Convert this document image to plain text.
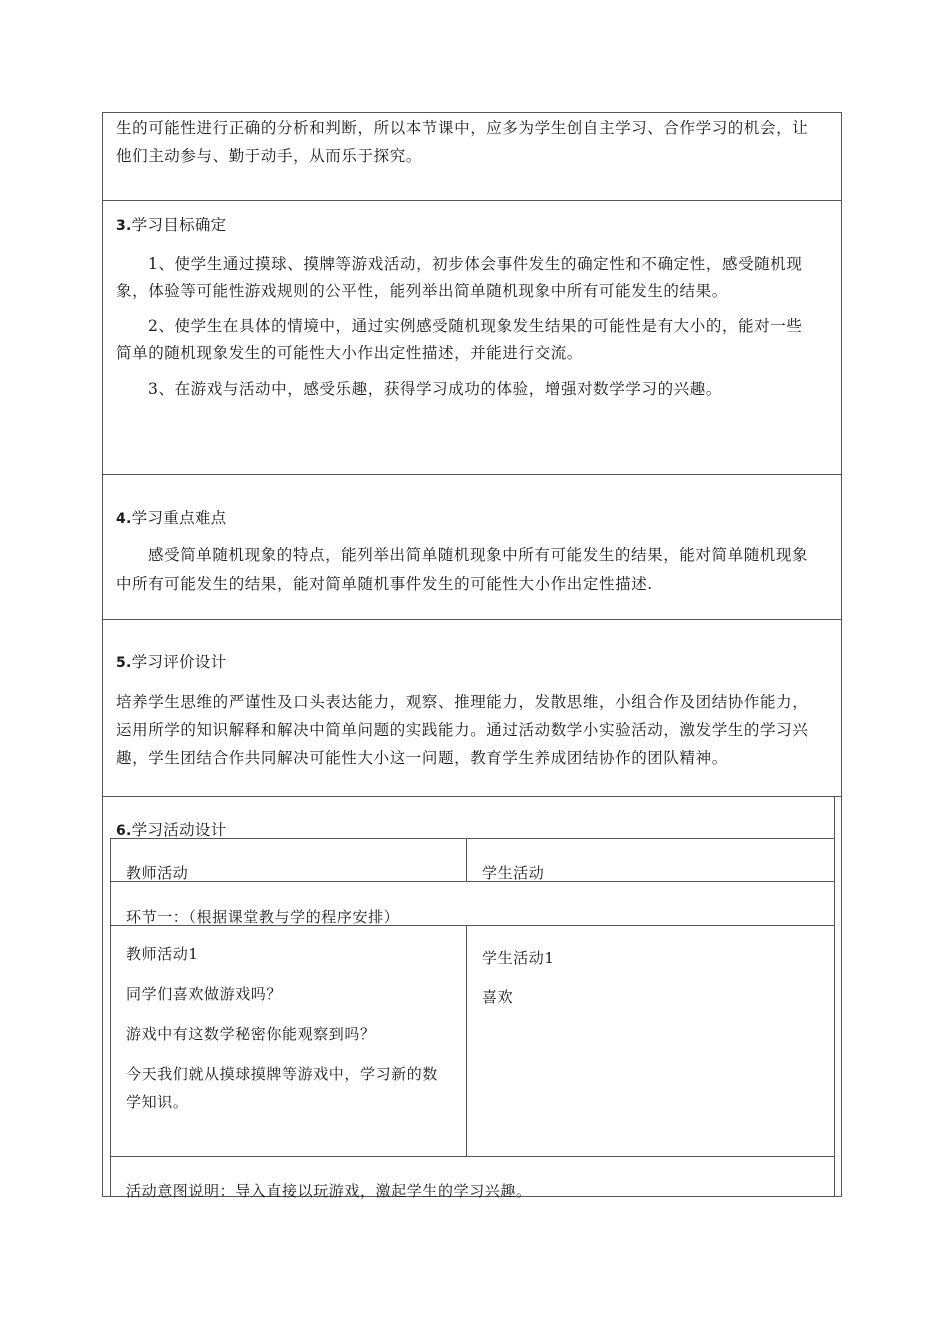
生的可能性进行正确的分析和判断，所以本节课中，应多为学生创自主学习、合作学习的机会，让
他们主动参与、勤于动手，从而乐于探究。
3.学习目标确定
1、使学生通过摸球、摸牌等游戏活动，初步体会事件发生的确定性和不确定性，感受随机现
象，体验等可能性游戏规则的公平性，能列举出简单随机现象中所有可能发生的结果。
2、使学生在具体的情境中，通过实例感受随机现象发生结果的可能性是有大小的，能对一些
简单的随机现象发生的可能性大小作出定性描述，并能进行交流。
3、在游戏与活动中，感受乐趣，获得学习成功的体验，增强对数学学习的兴趣。
4.学习重点难点
感受简单随机现象的特点，能列举出简单随机现象中所有可能发生的结果，能对简单随机现象
中所有可能发生的结果，能对简单随机事件发生的可能性大小作出定性描述.
5.学习评价设计
培养学生思维的严谨性及口头表达能力，观察、推理能力，发散思维，小组合作及团结协作能力，
运用所学的知识解释和解决中简单问题的实践能力。通过活动数学小实验活动，激发学生的学习兴
趣，学生团结合作共同解决可能性大小这一问题，教育学生养成团结协作的团队精神。
6.学习活动设计
教师活动	学生活动
环节一：（根据课堂教与学的程序安排）
教师活动1
同学们喜欢做游戏吗？
游戏中有这数学秘密你能观察到吗？
今天我们就从摸球摸牌等游戏中，学习新的数
学知识。
学生活动1
喜欢
活动意图说明：导入直接以玩游戏，激起学生的学习兴趣。
